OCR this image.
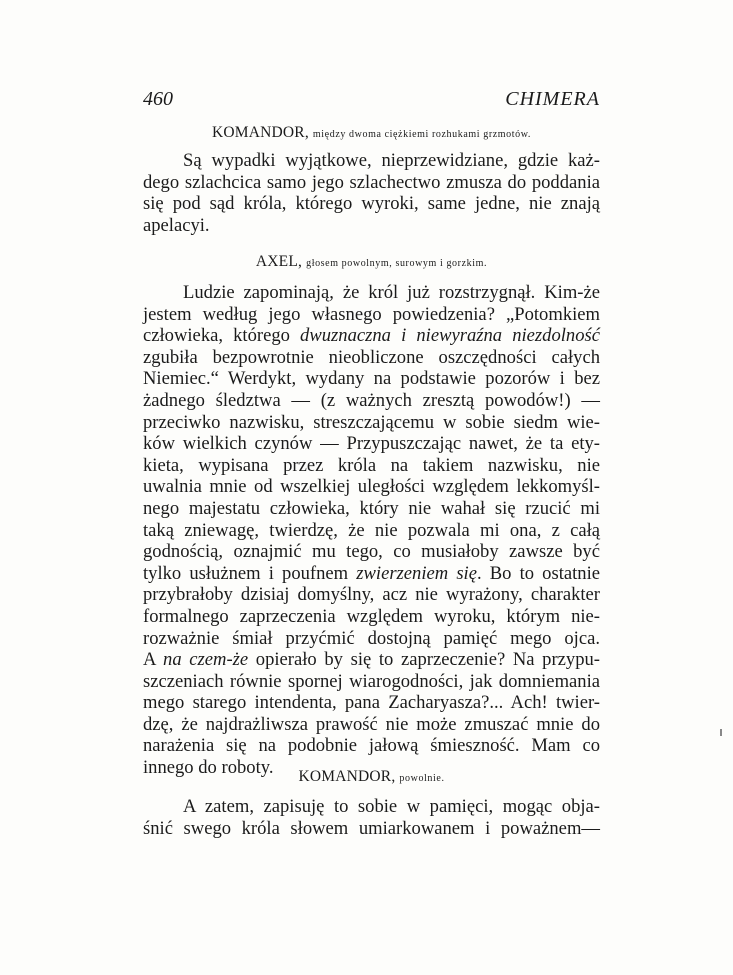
460	CHIMERA
KOMANDOR, między dwoma ciężkiemi rozhukami grzmotów.
Są wypadki wyjątkowe, nieprzewidziane, gdzie każ-
dego szlachcica samo jego szlachectwo zmusza do poddania
się pod sąd króla, którego wyroki, same jedne, nie znają
apelacyi.
AXEL, głosem powolnym, surowym i gorzkim.
Ludzie zapominają, że król już rozstrzygnął. Kim-że
jestem według jego własnego powiedzenia? „Potomkiem
człowieka, którego dwuznaczna i niewyraźna niezdolność
zgubiła bezpowrotnie nieobliczone oszczędności całych
Niemiec.“ Werdykt, wydany na podstawie pozorów i bez
żadnego śledztwa — (z ważnych zresztą powodów!) —
przeciwko nazwisku, streszczającemu w sobie siedm wie-
ków wielkich czynów — Przypuszczając nawet, że ta ety-
kieta, wypisana przez króla na takiem nazwisku, nie
uwalnia mnie od wszelkiej uległości względem lekkomyśl-
nego majestatu człowieka, który nie wahał się rzucić mi
taką zniewagę, twierdzę, że nie pozwala mi ona, z całą
godnością, oznajmić mu tego, co musiałoby zawsze być
tylko usłużnem i poufnem zwierzeniem się. Bo to ostatnie
przybrałoby dzisiaj domyślny, acz nie wyrażony, charakter
formalnego zaprzeczenia względem wyroku, którym nie-
rozważnie śmiał przyćmić dostojną pamięć mego ojca.
A na czem-że opierało by się to zaprzeczenie? Na przypu-
szczeniach równie spornej wiarogodności, jak domniemania
mego starego intendenta, pana Zacharyasza?... Ach! twier-
dzę, że najdrażliwsza prawość nie może zmuszać mnie do
narażenia się na podobnie jałową śmieszność. Mam co
innego do roboty.	KOMANDOR, powolnie.
A zatem, zapisuję to sobie w pamięci, mogąc obja-
śnić swego króla słowem umiarkowanem i poważnem—
